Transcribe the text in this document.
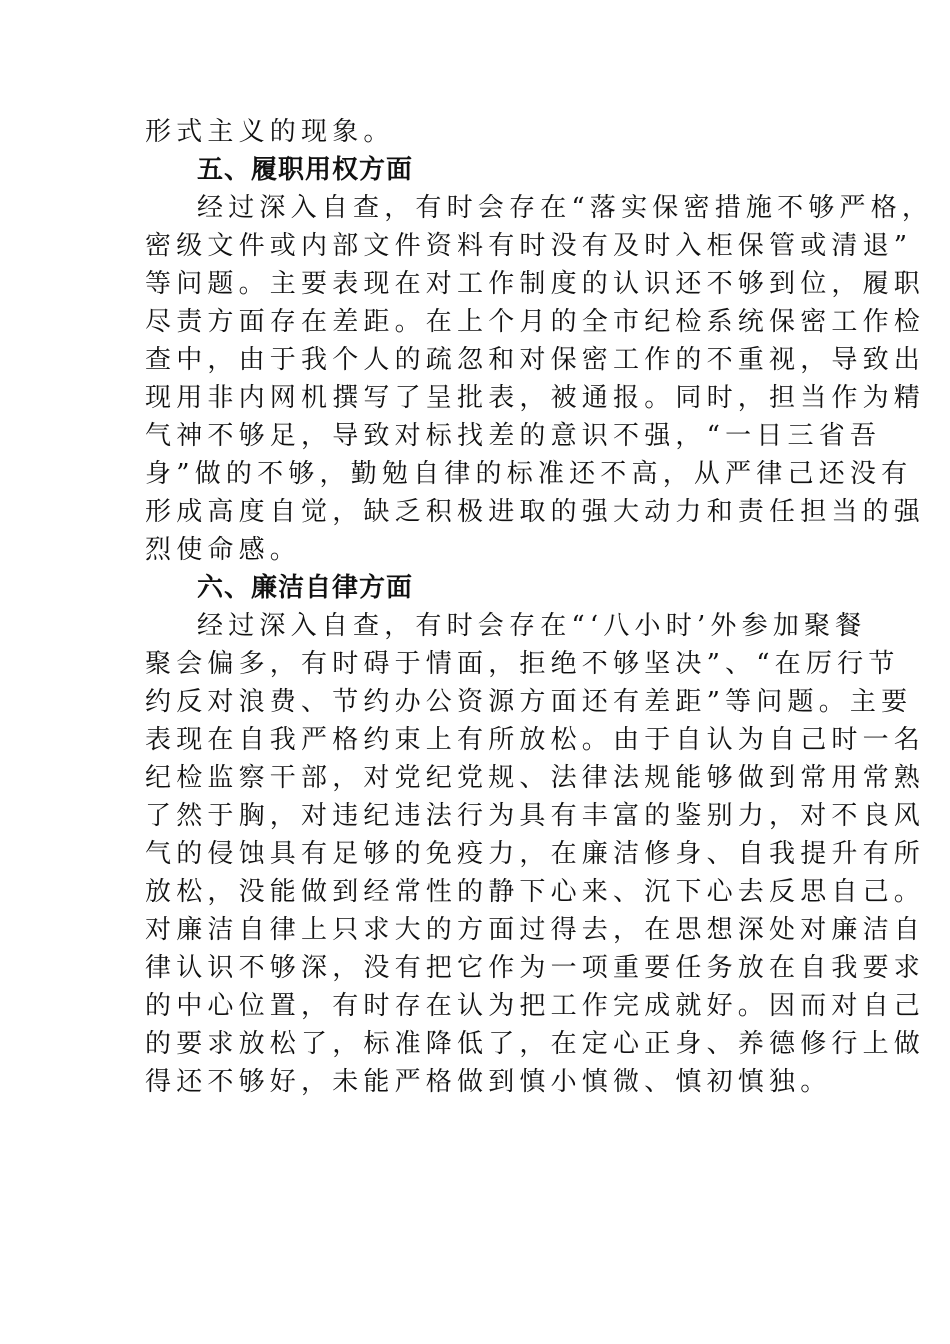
形式主义的现象。
五、履职用权方面
经过深入自查，有时会存在“落实保密措施不够严格，
密级文件或内部文件资料有时没有及时入柜保管或清退”
等问题。主要表现在对工作制度的认识还不够到位，履职
尽责方面存在差距。在上个月的全市纪检系统保密工作检
查中，由于我个人的疏忽和对保密工作的不重视，导致出
现用非内网机撰写了呈批表，被通报。同时，担当作为精
气神不够足，导致对标找差的意识不强，“一日三省吾
身”做的不够，勤勉自律的标准还不高，从严律己还没有
形成高度自觉，缺乏积极进取的强大动力和责任担当的强
烈使命感。
六、廉洁自律方面
经过深入自查，有时会存在“‘八小时’外参加聚餐
聚会偏多，有时碍于情面，拒绝不够坚决”、“在厉行节
约反对浪费、节约办公资源方面还有差距”等问题。主要
表现在自我严格约束上有所放松。由于自认为自己时一名
纪检监察干部，对党纪党规、法律法规能够做到常用常熟
了然于胸，对违纪违法行为具有丰富的鉴别力，对不良风
气的侵蚀具有足够的免疫力，在廉洁修身、自我提升有所
放松，没能做到经常性的静下心来、沉下心去反思自己。
对廉洁自律上只求大的方面过得去，在思想深处对廉洁自
律认识不够深，没有把它作为一项重要任务放在自我要求
的中心位置，有时存在认为把工作完成就好。因而对自己
的要求放松了，标准降低了，在定心正身、养德修行上做
得还不够好，未能严格做到慎小慎微、慎初慎独。
